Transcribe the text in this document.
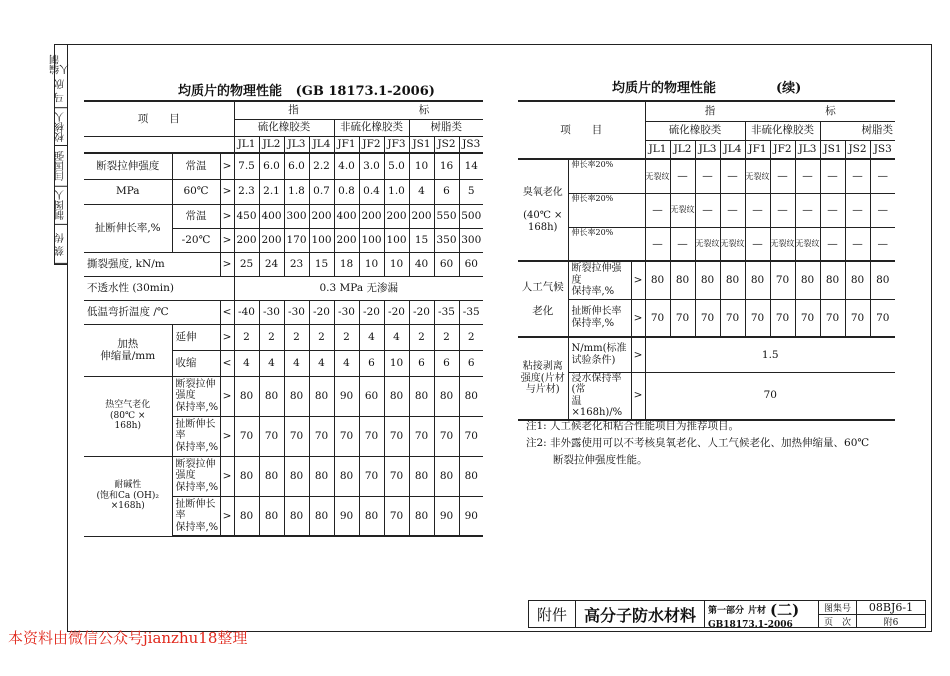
编制人
马 欣
校核人
闫国强
制图人
蔡 传
均质片的物理性能 (GB 18173.1-2006)
项　　目			指 标									
			硫化橡胶类				非硫化橡胶类			树脂类		
			JL1	JL2	JL3	JL4	JF1	JF2	JF3	JS1	JS2	JS3
断裂拉伸强度	常温	>	7.5	6.0	6.0	2.2	4.0	3.0	5.0	10	16	14
MPa	60℃	>	2.3	2.1	1.8	0.7	0.8	0.4	1.0	4	6	5
扯断伸长率,%	常温	>	450	400	300	200	400	200	200	200	550	500
	-20℃	>	200	200	170	100	200	100	100	15	350	300
撕裂强度, kN/m		>	25	24	23	15	18	10	10	40	60	60
不透水性 (30min)			0.3 MPa 无渗漏									
低温弯折温度 /℃		<	-40	-30	-30	-20	-30	-20	-20	-20	-35	-35
加热
伸缩量/mm	延伸	>	2	2	2	2	2	4	4	2	2	2
	收缩	<	4	4	4	4	4	6	10	6	6	6
热空气老化
(80℃ ×
168h)	断裂拉伸强度
保持率,%	>	80	80	80	80	90	60	80	80	80	80
	扯断伸长率
保持率,%	>	70	70	70	70	70	70	70	70	70	70
耐碱性
(饱和Ca (OH)₂
×168h)	断裂拉伸强度
保持率,%	>	80	80	80	80	80	70	70	80	80	80
	扯断伸长率
保持率,%	>	80	80	80	80	90	80	70	80	90	90
均质片的物理性能	(续)
项　　目			指 标									
			硫化橡胶类				非硫化橡胶类			树脂类		
			JL1	JL2	JL3	JL4	JF1	JF2	JL3	JS1	JS2	JS3
臭氧老化

(40℃ ×
168h)	伸长率20%		无裂纹	—	—	—	无裂纹	—	—	—	—	—
	伸长率20%		—	无裂纹	—	—	—	—	—	—	—	—
	伸长率20%		—	—	无裂纹	无裂纹	—	无裂纹	无裂纹	—	—	—
人工气候

老化	断裂拉伸强度
保持率,%	>	80	80	80	80	80	70	80	80	80	80
	扯断伸长率
保持率,%	>	70	70	70	70	70	70	70	70	70	70
粘接剥离
强度(片材
与片材)	N/mm(标准
试验条件)	>	1.5									
	浸水保持率(常
温×168h)/%	>	70									
注1: 人工候老化和粘合性能项目为推荐项目。
注2: 非外露使用可以不考核臭氧老化、人工气候老化、加热伸缩量、60℃
断裂拉伸强度性能。
附件	高分子防水材料	第一部分 片材 (二)
GB18173.1-2006
图集号	08BJ6-1
页　次	附6
本资料由微信公众号jianzhu18整理
